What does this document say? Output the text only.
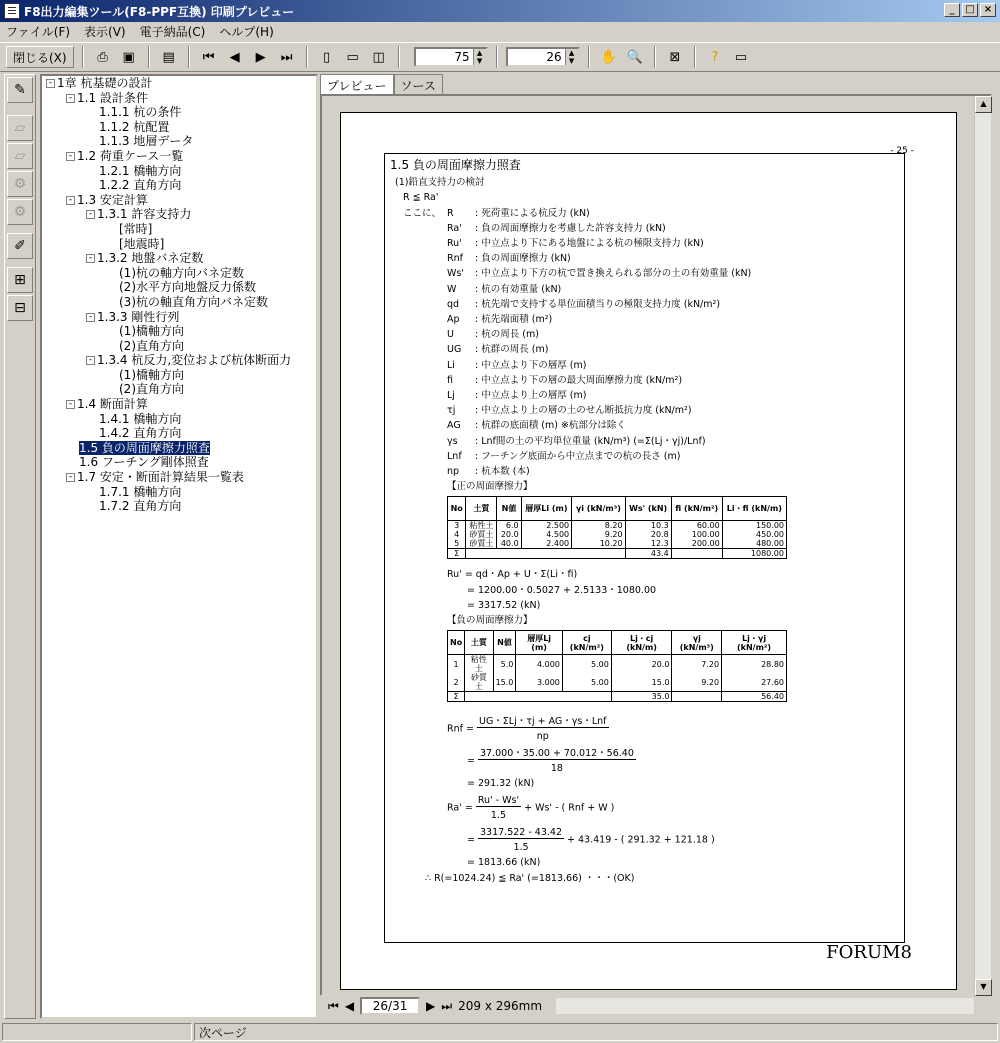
F8出力編集ツール(F8-PPF互換) 印刷プレビュー	_	□ ×
ファイル(F) 表示(V) 電子納品(C) ヘルプ(H)
閉じる(X)	⎙	▣	▤	⏮	◀	▶	⏭	▯	▭	◫	75	▲
▼	26	▲
▼ ✋ 🔍	⊠	?	▭
✎
▱
▱
⚙
⚙
✐
⊞
⊟
- 1章 杭基礎の設計
- 1.1 設計条件
1.1.1 杭の条件
1.1.2 杭配置
1.1.3 地層データ
- 1.2 荷重ケース一覧
1.2.1 橋軸方向
1.2.2 直角方向
- 1.3 安定計算
- 1.3.1 許容支持力
[常時]
[地震時]
- 1.3.2 地盤バネ定数
(1)杭の軸方向バネ定数
(2)水平方向地盤反力係数
(3)杭の軸直角方向バネ定数
- 1.3.3 剛性行列
(1)橋軸方向
(2)直角方向
- 1.3.4 杭反力,変位および杭体断面力
(1)橋軸方向
(2)直角方向
- 1.4 断面計算
1.4.1 橋軸方向
1.4.2 直角方向
1.5 負の周面摩擦力照査
1.6 フーチング剛体照査
- 1.7 安定・断面計算結果一覧表
1.7.1 橋軸方向
1.7.2 直角方向
プレビュー	ソース
▲
▼
- 25 -
1.5 負の周面摩擦力照査
(1)鉛直支持力の検討
R ≦ Ra'
ここに、 R : 死荷重による杭反力 (kN)
Ra' : 負の周面摩擦力を考慮した許容支持力 (kN)
Ru' : 中立点より下にある地盤による杭の極限支持力 (kN)
Rnf : 負の周面摩擦力 (kN)
Ws' : 中立点より下方の杭で置き換えられる部分の土の有効重量 (kN)
W : 杭の有効重量 (kN)
qd : 杭先端で支持する単位面積当りの極限支持力度 (kN/m²)
Ap : 杭先端面積 (m²)
U : 杭の周長 (m)
UG : 杭群の周長 (m)
Li : 中立点より下の層厚 (m)
fi : 中立点より下の層の最大周面摩擦力度 (kN/m²)
Lj : 中立点より上の層厚 (m)
τj : 中立点より上の層の土のせん断抵抗力度 (kN/m²)
AG : 杭群の底面積 (m) ※杭部分は除く
γs : Lnf間の土の平均単位重量 (kN/m³) (=Σ(Lj・γj)/Lnf)
Lnf : フーチング底面から中立点までの杭の長さ (m)
np : 杭本数 (本)
【正の周面摩擦力】
No	土質	N値	層厚Li (m)	γi (kN/m³)	Ws' (kN)	fi (kN/m²)	Li・fi (kN/m)
3	粘性土	6.0	2.500	8.20	10.3	60.00	150.00
4	砂質土	20.0	4.500	9.20	20.8	100.00	450.00
5	砂質土	40.0	2.400	10.20	12.3	200.00	480.00
Σ					43.4		1080.00
Ru' = qd・Ap + U・Σ(Li・fi)
= 1200.00・0.5027 + 2.5133・1080.00
= 3317.52 (kN)
【負の周面摩擦力】
No	土質	N値	層厚Lj (m)	cj (kN/m²)	Lj・cj (kN/m)	γj (kN/m³)	Lj・γj (kN/m²)
1	粘性土	5.0	4.000	5.00	20.0	7.20	28.80
2	砂質土	15.0	3.000	5.00	15.0	9.20	27.60
Σ					35.0		56.40
Rnf = $\frac{\text{UG・ΣLj・τj + AG・γs・Lnf}}{np}$
= $\frac{37.000・35.00 + 70.012・56.40}{18}$
= 291.32 (kN)
$Ra' = \frac{Ru' - Ws'}{1.5} + Ws'$ - ( Rnf + W )
= $\frac{3317.522 - 43.42}{1.5} + 43.419$ - ( 291.32 + 121.18 )
= 1813.66 (kN)
∴ R(=1024.24) ≦ Ra' (=1813.66) ・・・(OK)
FORUM8
⏮ ◀	26/31	▶ ⏭ 209 x 296mm
次ページ
